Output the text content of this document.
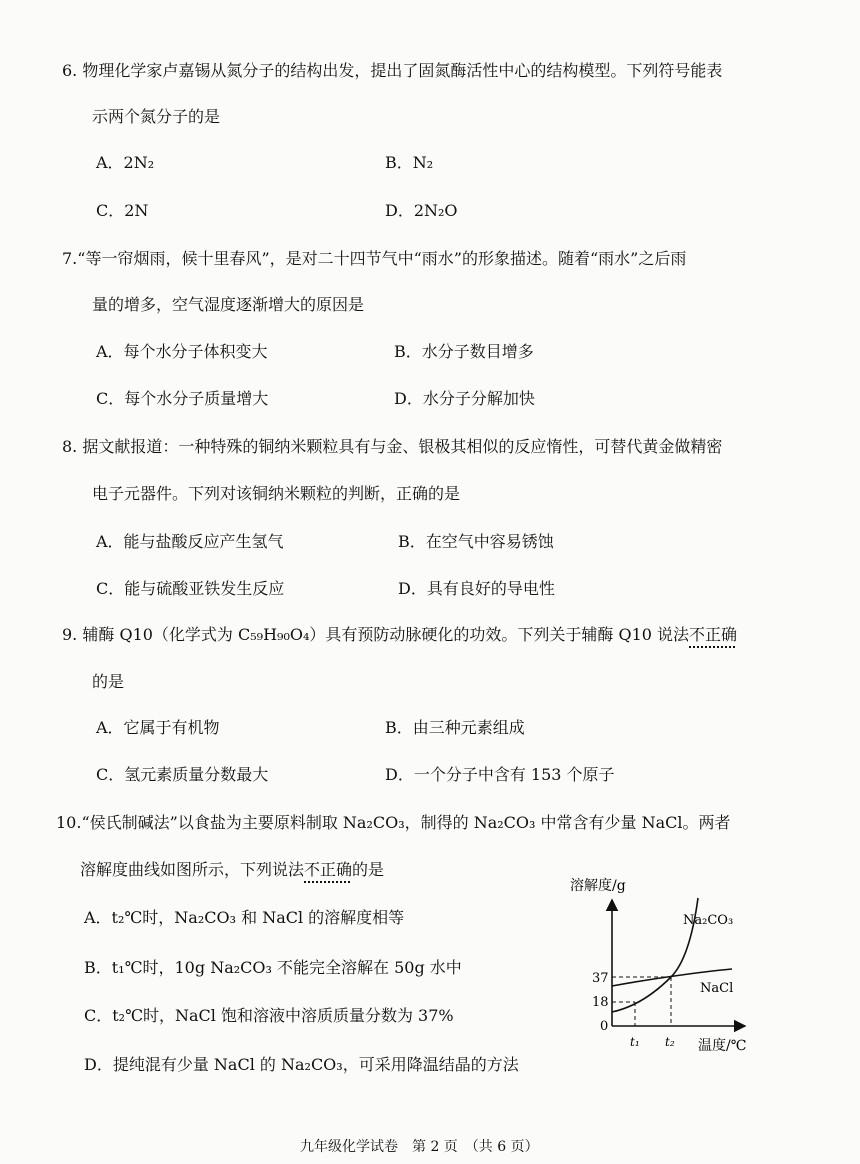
6. 物理化学家卢嘉锡从氮分子的结构出发，提出了固氮酶活性中心的结构模型。下列符号能表
示两个氮分子的是
A．2N₂	B．N₂
C．2N	D．2N₂O
7.“等一帘烟雨，候十里春风”，是对二十四节气中“雨水”的形象描述。随着“雨水”之后雨
量的增多，空气湿度逐渐增大的原因是
A．每个水分子体积变大	B．水分子数目增多
C．每个水分子质量增大	D．水分子分解加快
8. 据文献报道：一种特殊的铜纳米颗粒具有与金、银极其相似的反应惰性，可替代黄金做精密
电子元器件。下列对该铜纳米颗粒的判断，正确的是
A．能与盐酸反应产生氢气	B．在空气中容易锈蚀
C．能与硫酸亚铁发生反应	D．具有良好的导电性
9. 辅酶 Q10（化学式为 C₅₉H₉₀O₄）具有预防动脉硬化的功效。下列关于辅酶 Q10 说法不正确
的是
A．它属于有机物	B．由三种元素组成
C．氢元素质量分数最大	D．一个分子中含有 153 个原子
10.“侯氏制碱法”以食盐为主要原料制取 Na₂CO₃，制得的 Na₂CO₃ 中常含有少量 NaCl。两者
溶解度曲线如图所示，下列说法不正确的是
A．t₂℃时，Na₂CO₃ 和 NaCl 的溶解度相等
B．t₁℃时，10g Na₂CO₃ 不能完全溶解在 50g 水中
C．t₂℃时，NaCl 饱和溶液中溶质质量分数为 37%
D．提纯混有少量 NaCl 的 Na₂CO₃，可采用降温结晶的方法
溶解度/g
温度/℃
0
37
18
t₁ t₂
Na₂CO₃
NaCl
九年级化学试卷　第 2 页　（共 6 页）
